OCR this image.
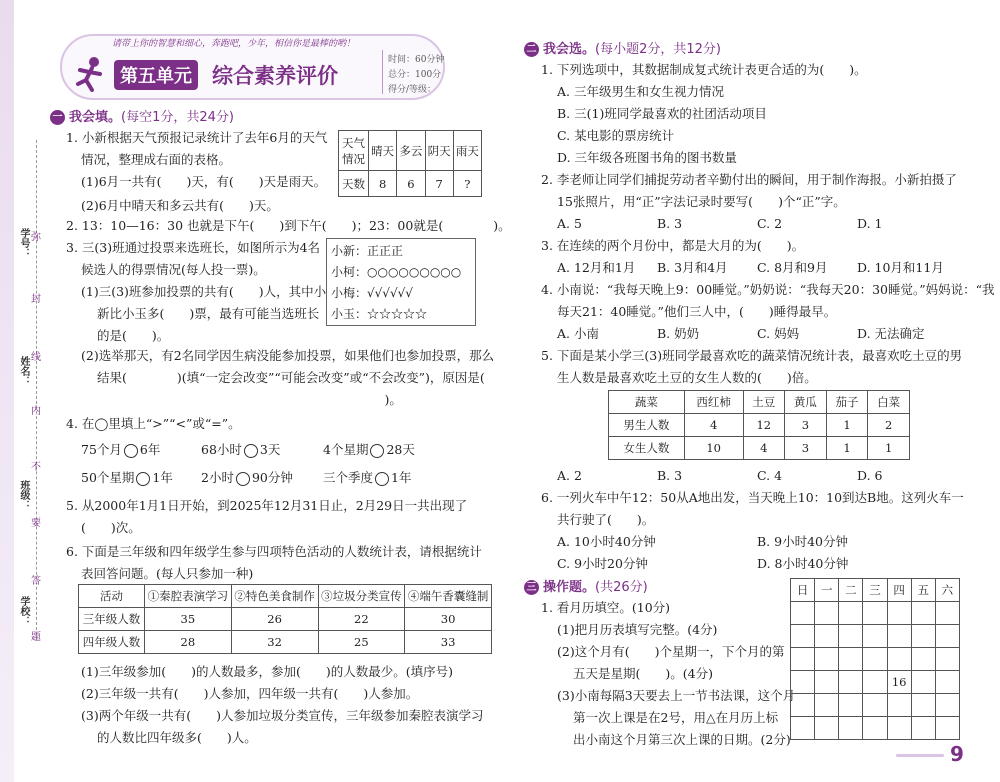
学号：
姓名：
班级：
学校：
弥
封
线
内
不
要
答
题
请带上你的智慧和细心，奔跑吧，少年，相信你是最棒的哟！
第五单元 综合素养评价
时间：60分钟
总分：100分
得分/等级：
一 我会填。(每空1分，共24分)
1. 小新根据天气预报记录统计了去年6月的天气
情况，整理成右面的表格。
(1)6月一共有(　　)天，有(　　)天是雨天。
(2)6月中晴天和多云共有(　　)天。
天气情况	晴天	多云	阴天	雨天
天数	8	6	7	?
2. 13：10—16：30 也就是下午(　　)到下午(　　)；23：00就是(　　　　)。
3. 三(3)班通过投票来选班长，如图所示为4名
候选人的得票情况(每人投一票)。
(1)三(3)班参加投票的共有(　　)人，其中小
新比小玉多(　　)票，最有可能当选班长
的是(　　)。
小新：正正正
小柯：○○○○○○○○○
小梅：√√√√√√
小玉：☆☆☆☆☆
(2)选举那天，有2名同学因生病没能参加投票，如果他们也参加投票，那么
结果(　　　　)(填“一定会改变”“可能会改变”或“不会改变”)，原因是(
　　　　　　　　　　　　　　　　　　　　　　　)。
4. 在◯里填上“>”“<”或“=”。
75个月 6年	68小时 3天	4个星期 28天
50个星期 1年 2小时 90分钟 三个季度 1年
5. 从2000年1月1日开始，到2025年12月31日止，2月29日一共出现了
(　　)次。
6. 下面是三年级和四年级学生参与四项特色活动的人数统计表，请根据统计
表回答问题。(每人只参加一种)
活动	①秦腔表演学习	②特色美食制作	③垃圾分类宣传	④端午香囊缝制
三年级人数	35	26	22	30
四年级人数	28	32	25	33
(1)三年级参加(　　)的人数最多，参加(　　)的人数最少。(填序号)
(2)三年级一共有(　　)人参加，四年级一共有(　　)人参加。
(3)两个年级一共有(　　)人参加垃圾分类宣传，三年级参加秦腔表演学习
的人数比四年级多(　　)人。
二 我会选。(每小题2分，共12分)
1. 下列选项中，其数据制成复式统计表更合适的为(　　)。
A. 三年级男生和女生视力情况
B. 三(1)班同学最喜欢的社团活动项目
C. 某电影的票房统计
D. 三年级各班图书角的图书数量
2. 李老师让同学们捕捉劳动者辛勤付出的瞬间，用于制作海报。小新拍摄了
15张照片，用“正”字法记录时要写(　　)个“正”字。
A. 5	B. 3	C. 2	D. 1
3. 在连续的两个月份中，都是大月的为(　　)。
A. 12月和1月 B. 3月和4月 C. 8月和9月 D. 10月和11月
4. 小南说：“我每天晚上9：00睡觉。”奶奶说：“我每天20：30睡觉。”妈妈说：“我
每天21：40睡觉。”他们三人中，(　　)睡得最早。
A. 小南	B. 奶奶	C. 妈妈	D. 无法确定
5. 下面是某小学三(3)班同学最喜欢吃的蔬菜情况统计表，最喜欢吃土豆的男
生人数是最喜欢吃土豆的女生人数的(　　)倍。
蔬菜	西红柿	土豆	黄瓜	茄子	白菜
男生人数	4	12	3	1	2
女生人数	10	4	3	1	1
A. 2	B. 3	C. 4	D. 6
6. 一列火车中午12：50从A地出发，当天晚上10：10到达B地。这列火车一
共行驶了(　　)。
A. 10小时40分钟	B. 9小时40分钟
C. 9小时20分钟	D. 8小时40分钟
三 操作题。(共26分)
1. 看月历填空。(10分)
(1)把月历表填写完整。(4分)
(2)这个月有(　　)个星期一，下个月的第
五天是星期(　　)。(4分)
(3)小南每隔3天要去上一节书法课，这个月
第一次上课是在2号，用△在月历上标
出小南这个月第三次上课的日期。(2分)
日	一	二	三	四	五	六

				16		

9
